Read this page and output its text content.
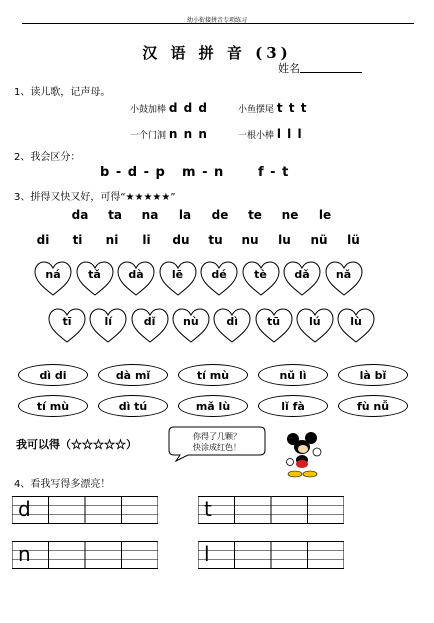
幼小衔接拼音专项练习
汉 语 拼 音 (3)
姓名
1、读儿歌，记声母。
小鼓加棒 d d d	小鱼摆尾 t t t
一个门洞 n n n	一根小棒 l l l
2、我会区分：
b - d - p m - n	f - t
3、拼得又快又好，可得“★★★★★”
da	ta	na	la	de	te	ne	le
di	ti	ni	li	du	tu	nu	lu	nü	lü
ná	tǎ	dà	lē	dé	tè	dǎ	nǎ
tī	lí	dǐ	nù	dì	tū	lú	lù
dì di	dà mǐ	tí mù	nǔ lì	là bǐ
tí mù	dì tú	mǎ lù	lǐ fà	fù nǚ
我可以得（☆☆☆☆☆）
你得了几颗？
快涂成红色！
4、看我写得多漂亮！
d	t
n	l
